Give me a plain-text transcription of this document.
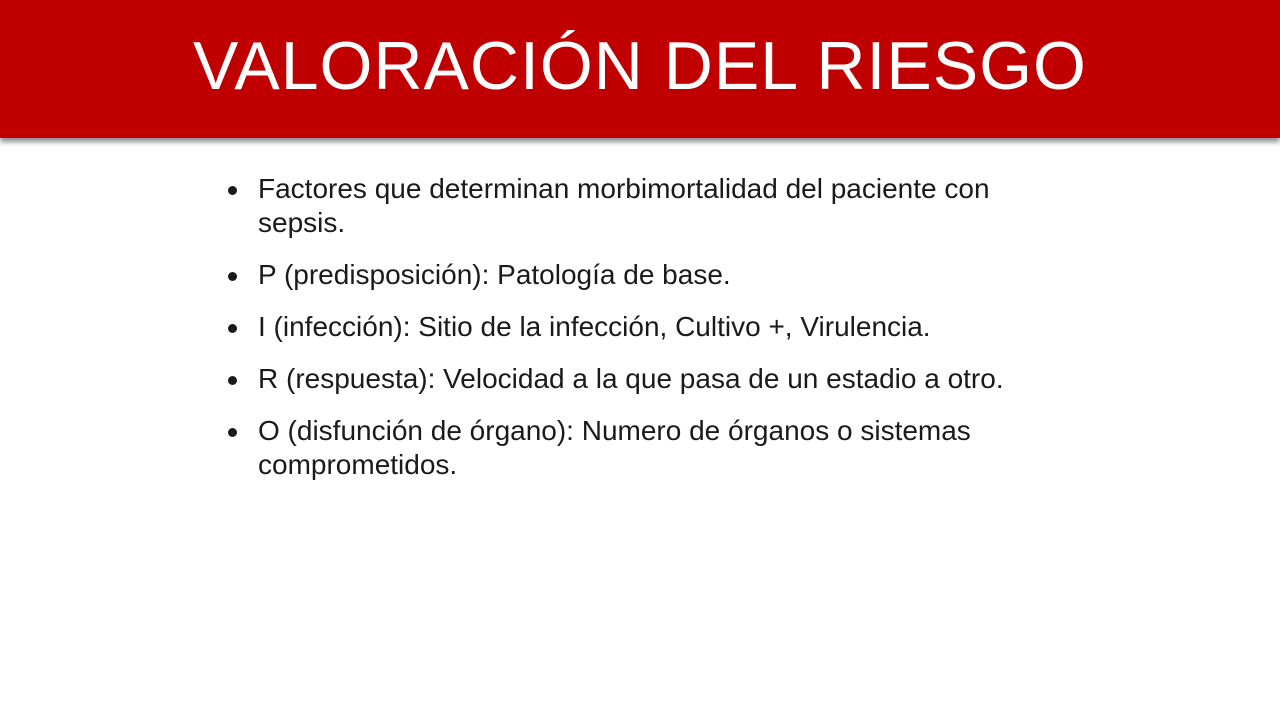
VALORACIÓN DEL RIESGO
Factores que determinan morbimortalidad del paciente con sepsis.
P (predisposición): Patología de base.
I (infección): Sitio de la infección, Cultivo +, Virulencia.
R (respuesta): Velocidad a la que pasa de un estadio a otro.
O (disfunción de órgano): Numero de órganos o sistemas comprometidos.
